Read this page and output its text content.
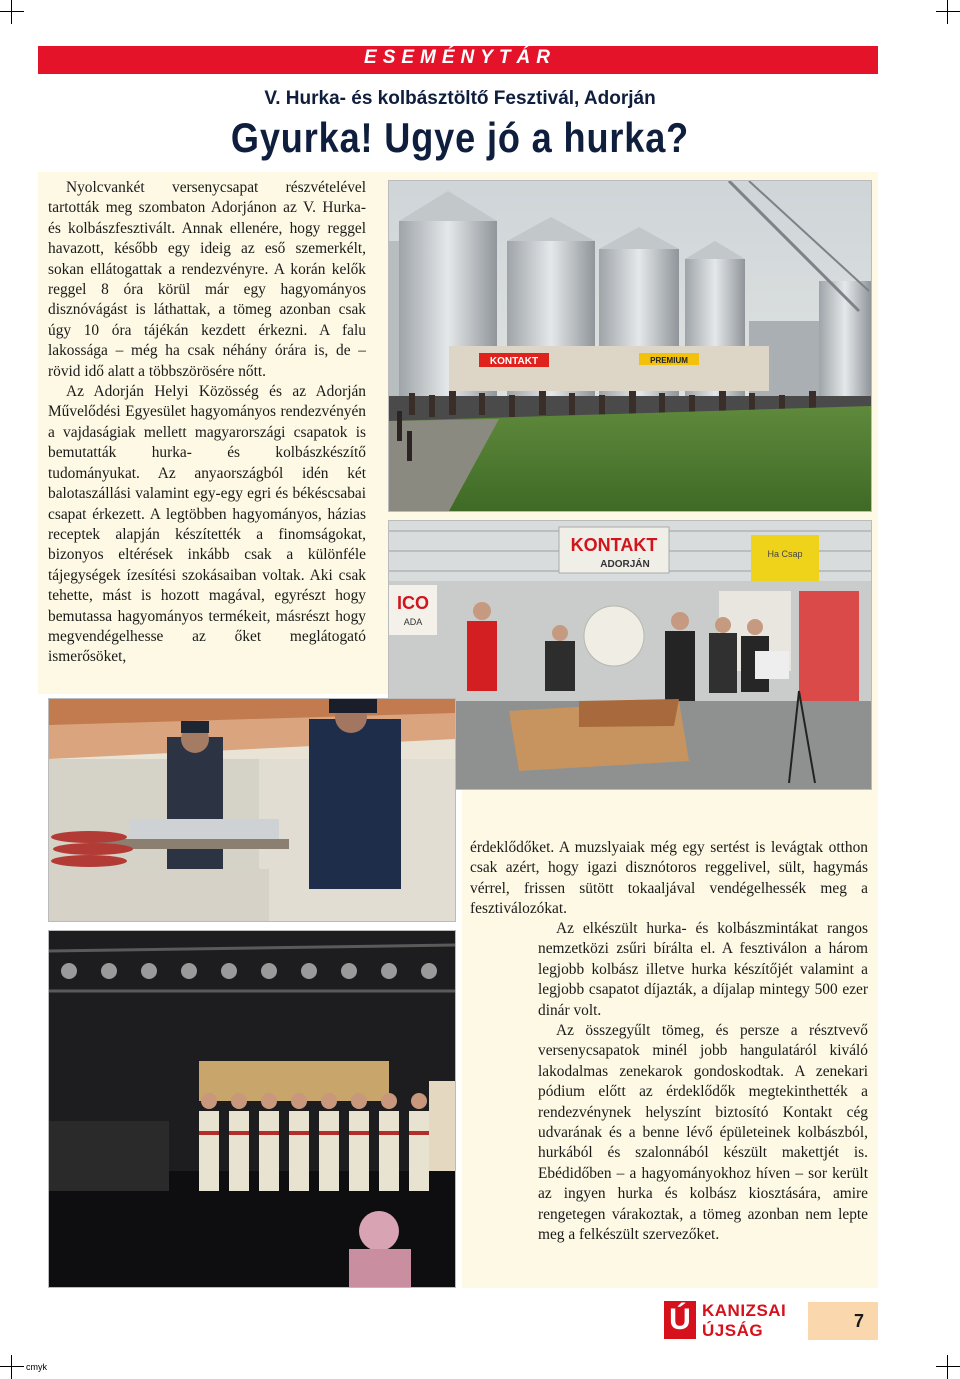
ESEMÉNYTÁR
V. Hurka- és kolbásztöltő Fesztivál, Adorján
Gyurka! Ugye jó a hurka?

Nyolcvankét versenycsapat részvételével tartották meg szombaton Adorjánon az V. Hurka- és kolbászfesztivált. Annak ellenére, hogy reggel havazott, később egy ideig az eső szemerkélt, sokan ellátogattak a rendezvényre. A korán kelők reggel 8 óra körül már egy hagyományos disznóvágást is láthattak, a tömeg azonban csak úgy 10 óra tájékán kezdett érkezni. A falu lakossága – még ha csak néhány órára is, de – rövid idő alatt a többszörösére nőtt.

Az Adorján Helyi Közösség és az Adorján Művelődési Egyesület hagyományos rendezvényén a vajdaságiak mellett magyarországi csapatok is bemutatták hurka- és kolbászkészítő tudományukat. Az anyaországból idén két balotaszállási valamint egy-egy egri és békéscsabai csapat érkezett. A legtöbben hagyományos, házias receptek alapján készítették a finomságokat, bizonyos eltérések inkább csak a különféle tájegységek ízesítési szokásaiban voltak. Aki csak tehette, mást is hozott magával, egyrészt hogy bemutassa hagyományos termékeit, másrészt hogy megvendégelhesse az őket meglátogató ismerősöket,

KONTAKT	PREMIUM
KONTAKT
ADORJÁN
Ha Csap
ICO
ADA

érdeklődőket. A muzslyaiak még egy sertést is levágtak otthon csak azért, hogy igazi disznótoros reggelivel, sült, hagymás vérrel, frissen sütött tokaaljával vendégelhessék meg a fesztiválozókat.

Az elkészült hurka- és kolbászmintákat rangos nemzetközi zsűri bírálta el. A fesztiválon a három legjobb kolbász illetve hurka készítőjét valamint a legjobb csapatot díjazták, a díjalap mintegy 500 ezer dinár volt.

Az összegyűlt tömeg, és persze a résztvevő versenycsapatok minél jobb hangulatáról kiváló lakodalmas zenekarok gondoskodtak. A zenekari pódium előtt az érdeklődők megtekinthették a rendezvénynek helyszínt biztosító Kontakt cég udvarának és a benne lévő épületeinek kolbászból, hurkából és szalonnából készült makettjét is. Ebédidőben – a hagyományokhoz híven – sor került az ingyen hurka és kolbász kiosztására, amire rengetegen várakoztak, a tömeg azonban nem lepte meg a felkészült szervezőket.

Ú KANIZSAI
ÚJSÁG	7
cmyk
